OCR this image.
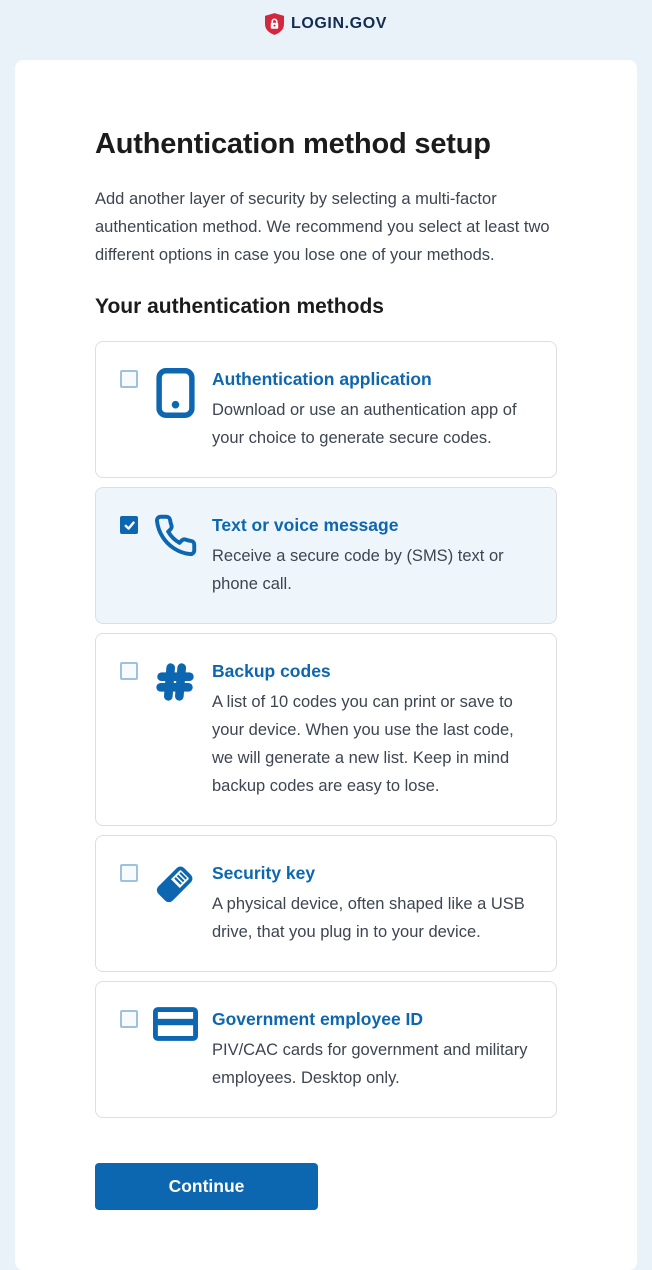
LOGIN.GOV
Authentication method setup

Add another layer of security by selecting a multi-factor authentication method. We recommend you select at least two different options in case you lose one of your methods.

Your authentication methods
Authentication application
Download or use an authentication app of your choice to generate secure codes.
Text or voice message
Receive a secure code by (SMS) text or phone call.
Backup codes
A list of 10 codes you can print or save to your device. When you use the last code, we will generate a new list. Keep in mind backup codes are easy to lose.
Security key
A physical device, often shaped like a USB drive, that you plug in to your device.
Government employee ID
PIV/CAC cards for government and military employees. Desktop only.
Continue
